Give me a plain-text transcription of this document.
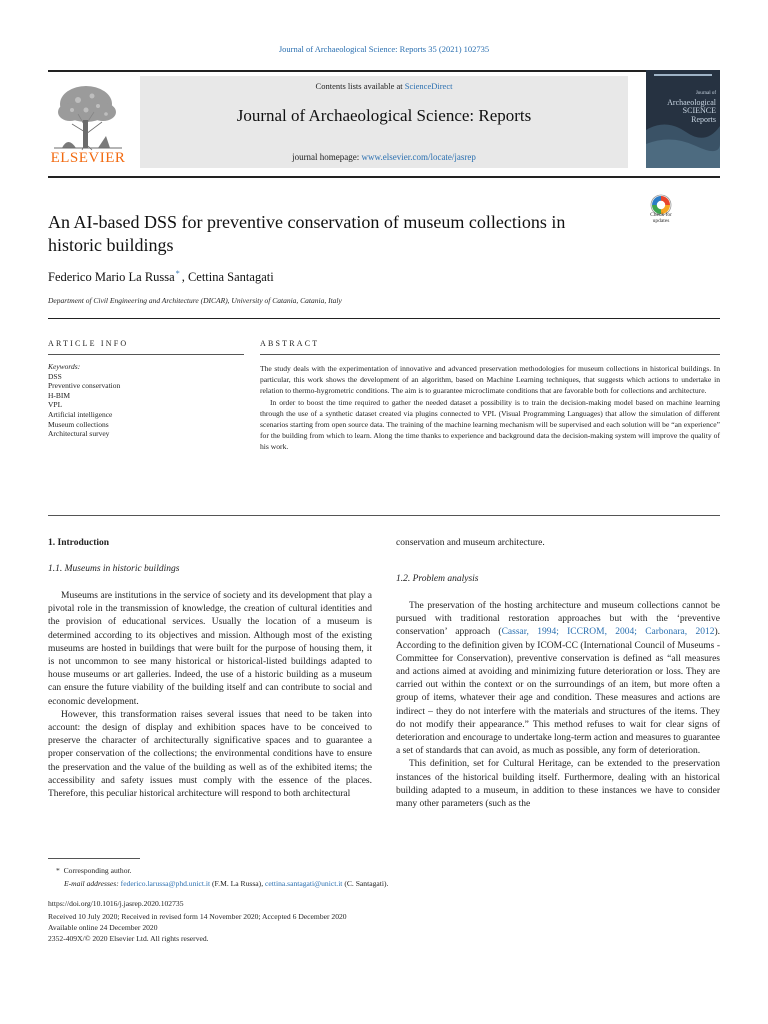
Journal of Archaeological Science: Reports 35 (2021) 102735
ELSEVIER
Contents lists available at ScienceDirect
Journal of Archaeological Science: Reports
journal homepage: www.elsevier.com/locate/jasrep
Journal of
Archaeological
SCIENCE
Reports
An AI-based DSS for preventive conservation of museum collections in historic buildings
Check for
updates
Federico Mario La Russa* , Cettina Santagati
Department of Civil Engineering and Architecture (DICAR), University of Catania, Catania, Italy
ARTICLE INFO	ABSTRACT
Keywords:
DSS
Preventive conservation
H-BIM
VPL
Artificial intelligence
Museum collections
Architectural survey

The study deals with the experimentation of innovative and advanced preservation methodologies for museum collections in historical buildings. In particular, this work shows the development of an algorithm, based on Machine Learning techniques, that suggests which actions to undertake in relation to thermo-hygrometric conditions. The aim is to guarantee microclimate conditions that are favorable both for collections and architecture.

In order to boost the time required to gather the needed dataset a possibility is to train the decision-making model based on machine learning through the use of a synthetic dataset created via plugins connected to VPL (Visual Programming Languages) that allow the simulation of different scenarios starting from open source data. The training of the machine learning mechanism will be supervised and each solution will be “an experience” for the building from which to learn. Along the time thanks to experience and background data the decision-making system will improve the quality of his work.

1. Introduction
1.1. Museums in historic buildings

Museums are institutions in the service of society and its development that play a pivotal role in the transmission of knowledge, the creation of cultural identities and the provision of educational services. Usually the location of a museum is determined according to its objectives and mission. Although most of the existing museums are hosted in buildings that were built for the purpose of housing them, it is not uncommon to see many historical or historical-listed buildings adapted to house museums or art galleries. Indeed, the use of a historic building as a museum can ensure the future viability of the building itself and can contribute to social and economic development.

However, this transformation raises several issues that need to be taken into account: the design of display and exhibition spaces have to be conceived to preserve the character of architecturally significative spaces and to guarantee a proper conservation of the collections; the environmental conditions have to ensure the preservation and the value of the building as well as of the exhibited items; the accessibility and safety issues must comply with the essence of the places. Therefore, this peculiar historical architecture will respond to both architectural

conservation and museum architecture.
1.2. Problem analysis

The preservation of the hosting architecture and museum collections cannot be pursued with traditional restoration approaches but with the ‘preventive conservation’ approach (Cassar, 1994; ICCROM, 2004; Carbonara, 2012). According to the definition given by ICOM-CC (International Council of Museums - Committee for Conservation), preventive conservation is defined as “all measures and actions aimed at avoiding and minimizing future deterioration or loss. They are carried out within the context or on the surroundings of an item, but more often a group of items, whatever their age and condition. These measures and actions are indirect – they do not interfere with the materials and structures of the items. They do not modify their appearance.” This method refuses to wait for clear signs of deterioration and encourage to undertake long-term action and measures to guarantee a set of standards that can avoid, as much as possible, any form of deterioration.

This definition, set for Cultural Heritage, can be extended to the preservation instances of the historical building itself. Furthermore, dealing with an historical building adapted to a museum, in addition to these instances we have to consider many other parameters (such as the

* Corresponding author.
E-mail addresses: federico.larussa@phd.unict.it (F.M. La Russa), cettina.santagati@unict.it (C. Santagati).
https://doi.org/10.1016/j.jasrep.2020.102735
Received 10 July 2020; Received in revised form 14 November 2020; Accepted 6 December 2020
Available online 24 December 2020
2352-409X/© 2020 Elsevier Ltd. All rights reserved.
